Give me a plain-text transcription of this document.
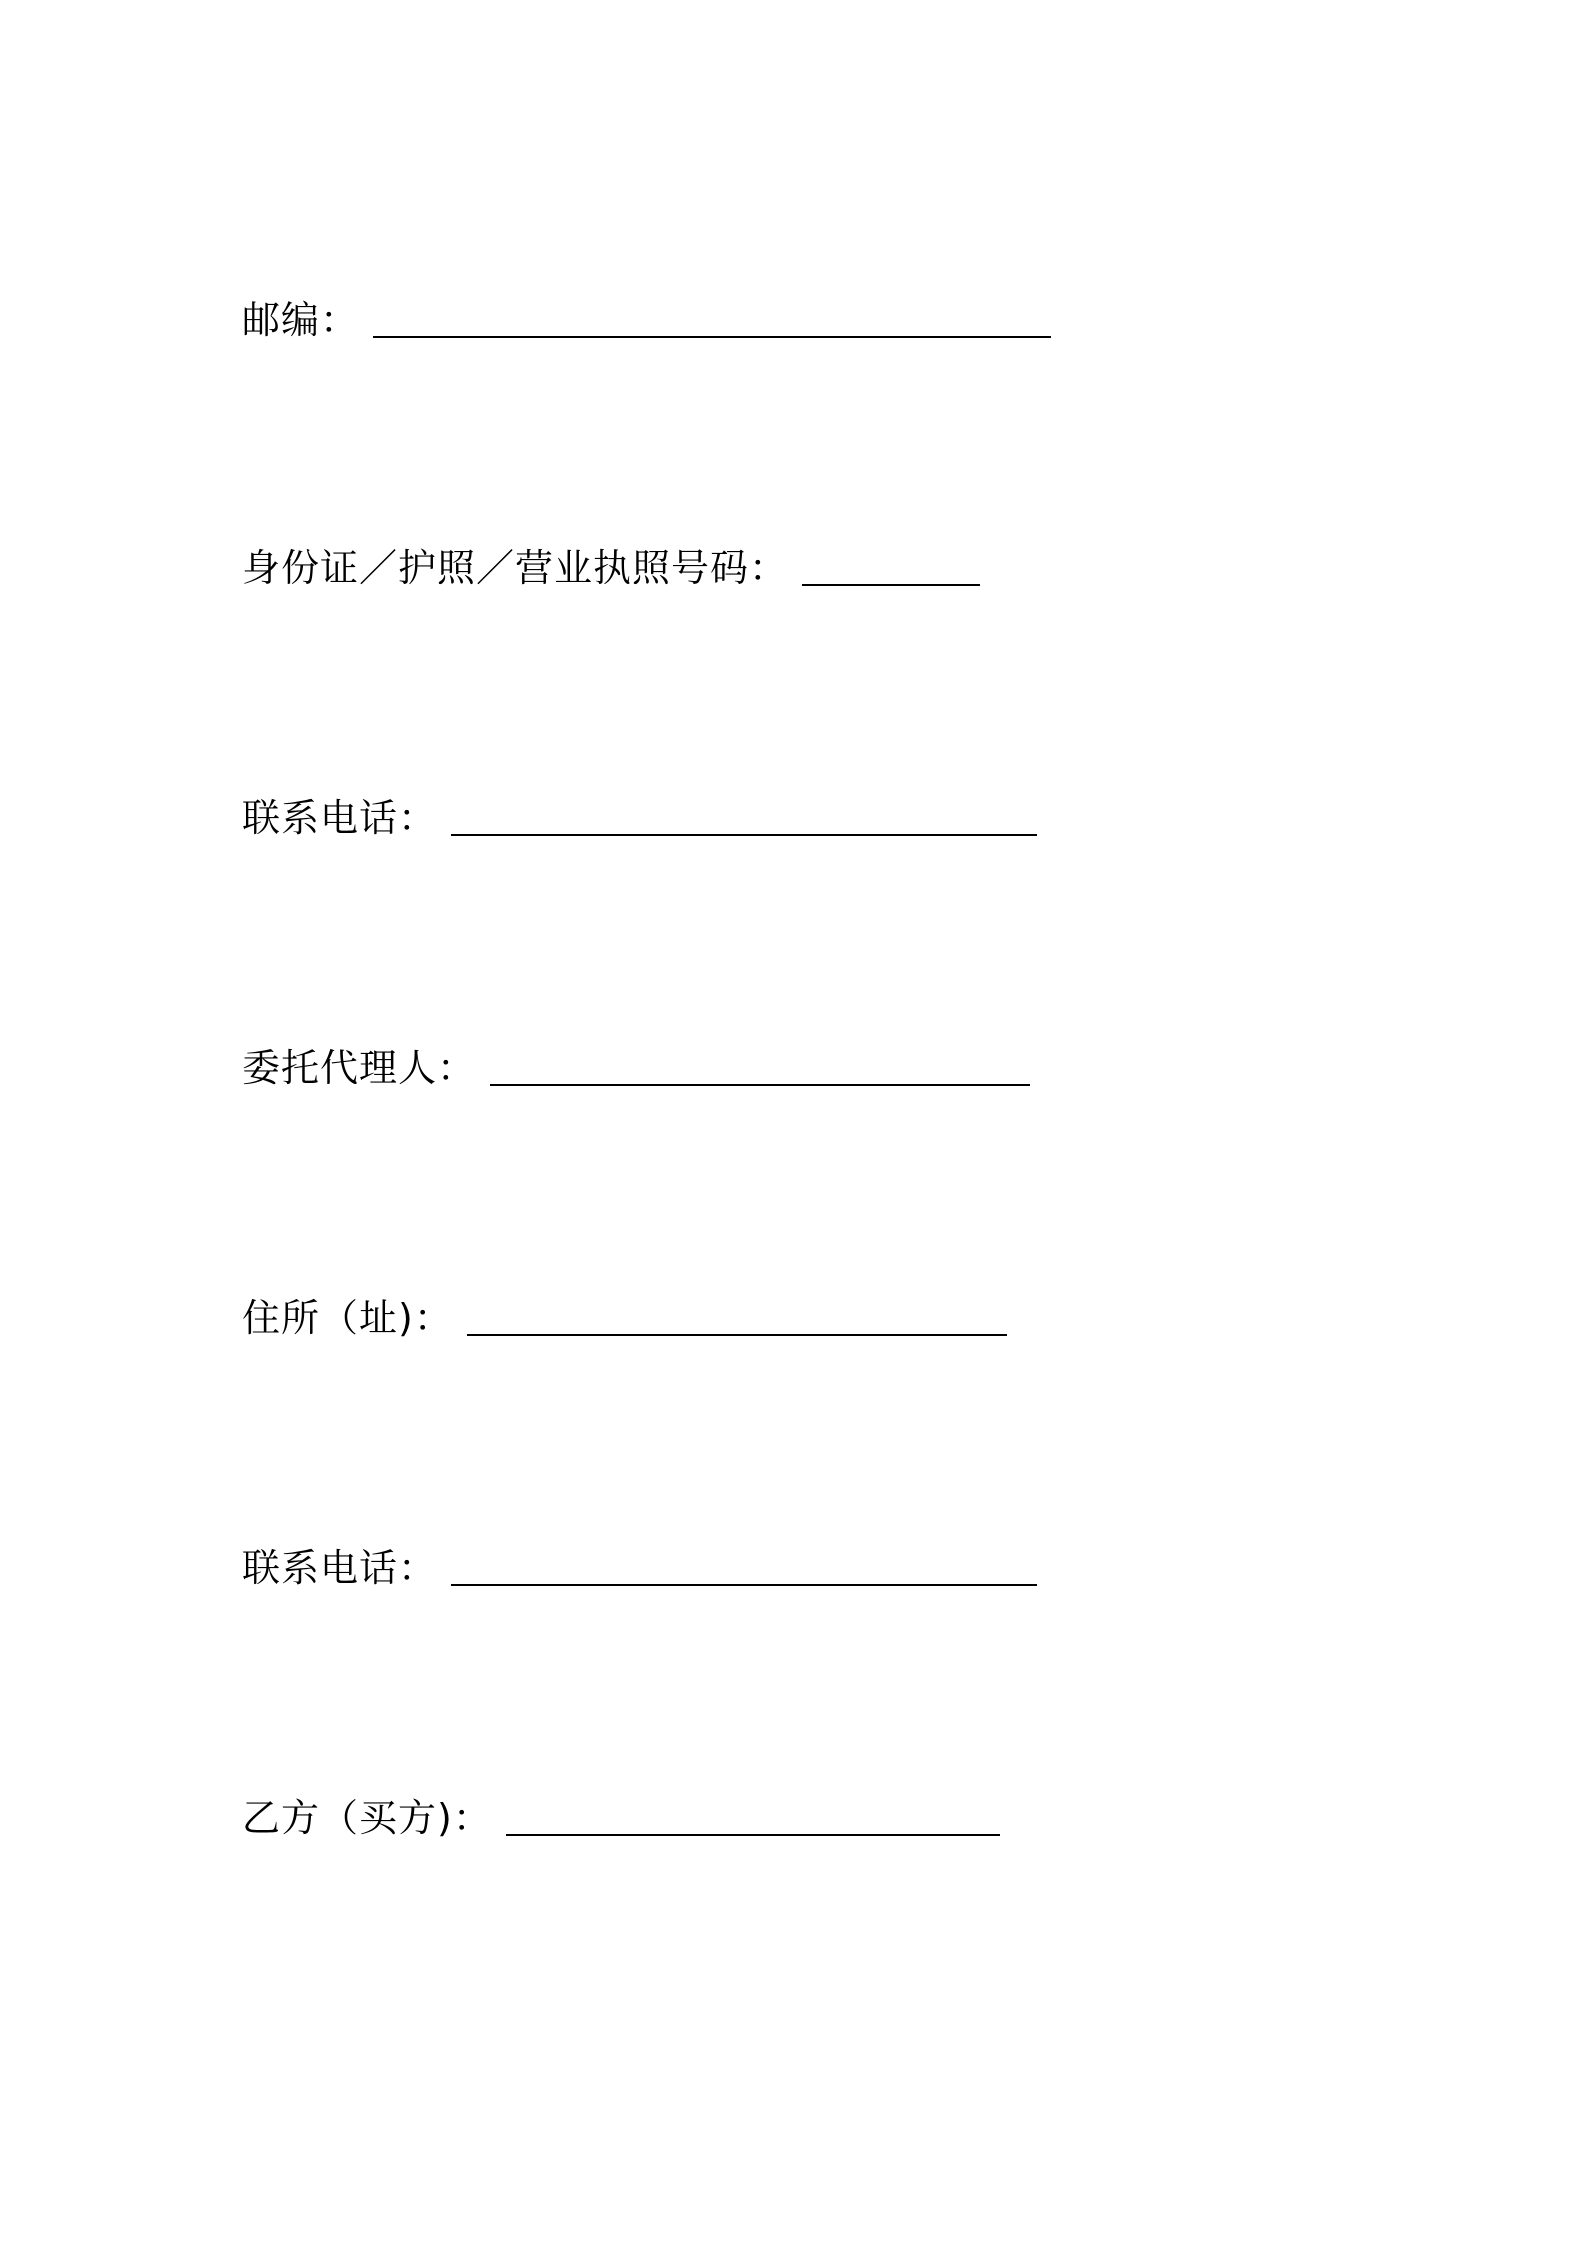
邮编：
身份证／护照／营业执照号码：
联系电话：
委托代理人：
住所（址)：
联系电话：
乙方（买方)：
